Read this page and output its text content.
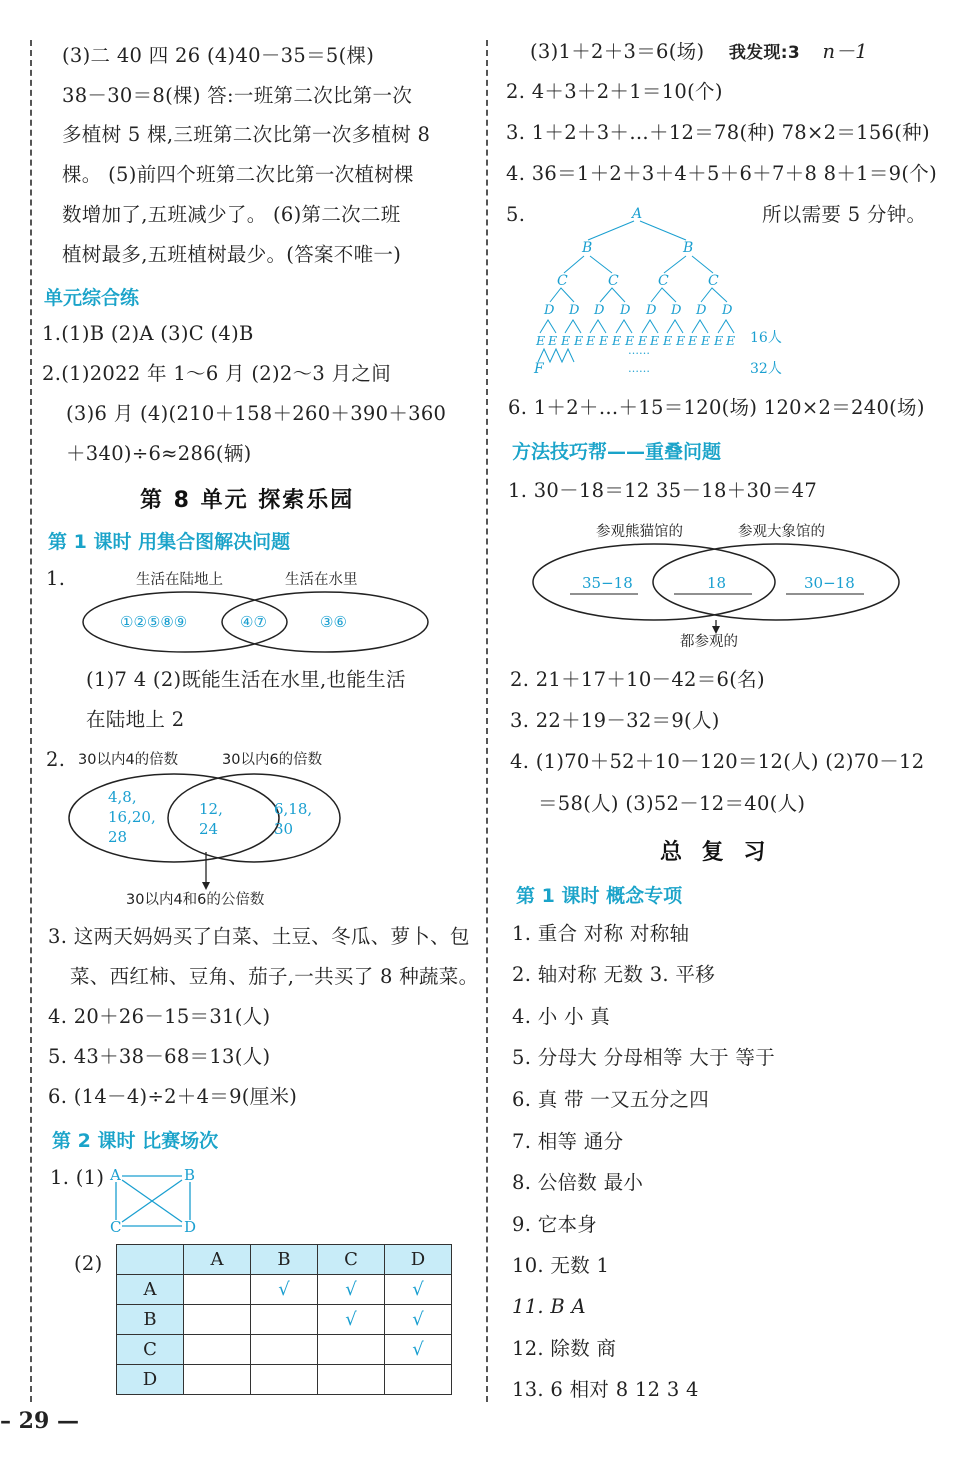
(3)二 40 四 26 (4)40－35＝5(棵)
38－30＝8(棵) 答:一班第二次比第一次
多植树 5 棵,三班第二次比第一次多植树 8
棵。 (5)前四个班第二次比第一次植树棵
数增加了,五班减少了。 (6)第二次二班
植树最多,五班植树最少。(答案不唯一)
单元综合练
1.(1)B (2)A (3)C (4)B
2.(1)2022 年 1～6 月 (2)2～3 月之间
(3)6 月 (4)(210＋158＋260＋390＋360
＋340)÷6≈286(辆)
第 8 单元 探索乐园
第 1 课时 用集合图解决问题
1.	生活在陆地上	生活在水里
①②⑤⑧⑨	④⑦	③⑥
(1)7 4 (2)既能生活在水里,也能生活
在陆地上 2
2. 30以内4的倍数	30以内6的倍数
4,8,
16,20,
28
12,
24
6,18,
30
30以内4和6的公倍数
3. 这两天妈妈买了白菜、土豆、冬瓜、萝卜、包
菜、西红柿、豆角、茄子,一共买了 8 种蔬菜。
4. 20＋26－15＝31(人)
5. 43＋38－68＝13(人)
6. (14－4)÷2＋4＝9(厘米)
第 2 课时 比赛场次
1. (1) A	B
C	D
(2)
		A	B	C	D
A		√	√	√
B			√	√
C				√
D				
– 29 —
(3)1＋2＋3＝6(场) 我发现:3 n－1
2. 4＋3＋2＋1＝10(个)
3. 1＋2＋3＋…＋12＝78(种) 78×2＝156(种)
4. 36＝1＋2＋3＋4＋5＋6＋7＋8 8＋1＝9(个)
5.	所以需要 5 分钟。
A
B	B
C	C	C	C
D D D D D D D D
E E E E E E E E E E E E E E E E
F
……
……
16人
32人
6. 1＋2＋…＋15＝120(场) 120×2＝240(场)
方法技巧帮——重叠问题
1. 30－18＝12 35－18＋30＝47
参观熊猫馆的	参观大象馆的
35−18	18	30−18
都参观的
2. 21＋17＋10－42＝6(名)
3. 22＋19－32＝9(人)
4. (1)70＋52＋10－120＝12(人) (2)70－12
＝58(人) (3)52－12＝40(人)
总 复 习
第 1 课时 概念专项
1. 重合 对称 对称轴
2. 轴对称 无数 3. 平移
4. 小 小 真
5. 分母大 分母相等 大于 等于
6. 真 带 一又五分之四
7. 相等 通分
8. 公倍数 最小
9. 它本身
10. 无数 1
11. B A
12. 除数 商
13. 6 相对 8 12 3 4
